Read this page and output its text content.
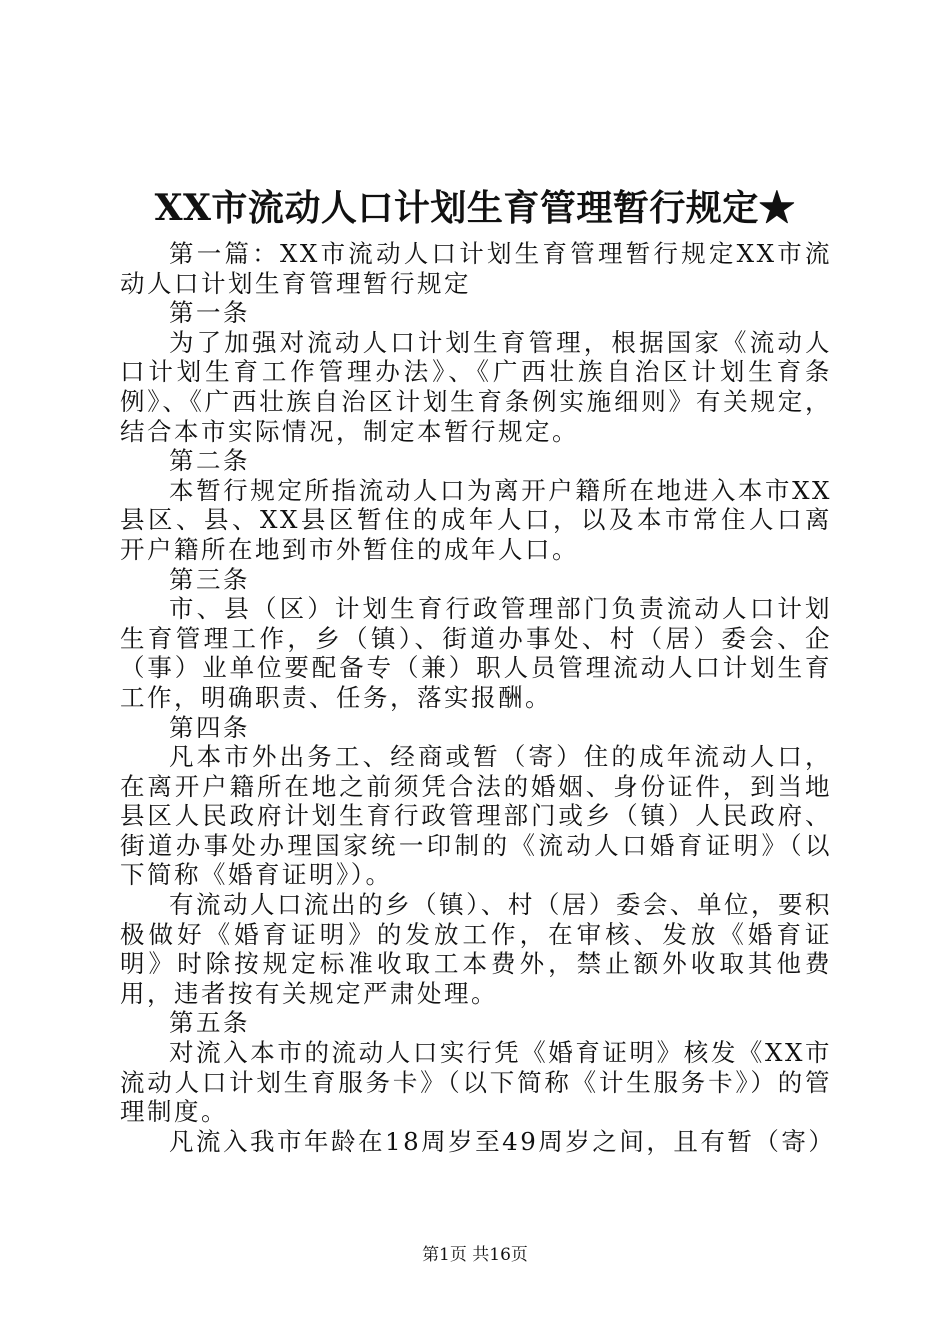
XX市流动人口计划生育管理暂行规定★

第一篇：XX市流动人口计划生育管理暂行规定XX市流动人口计划生育管理暂行规定

第一条

为了加强对流动人口计划生育管理，根据国家《流动人口计划生育工作管理办法》、《广西壮族自治区计划生育条例》、《广西壮族自治区计划生育条例实施细则》有关规定，结合本市实际情况，制定本暂行规定。

第二条

本暂行规定所指流动人口为离开户籍所在地进入本市XX县区、县、XX县区暂住的成年人口，以及本市常住人口离开户籍所在地到市外暂住的成年人口。

第三条

市、县（区）计划生育行政管理部门负责流动人口计划生育管理工作，乡（镇）、街道办事处、村（居）委会、企（事）业单位要配备专（兼）职人员管理流动人口计划生育工作，明确职责、任务，落实报酬。

第四条

凡本市外出务工、经商或暂（寄）住的成年流动人口，在离开户籍所在地之前须凭合法的婚姻、身份证件，到当地县区人民政府计划生育行政管理部门或乡（镇）人民政府、街道办事处办理国家统一印制的《流动人口婚育证明》（以下简称《婚育证明》）。

有流动人口流出的乡（镇）、村（居）委会、单位，要积极做好《婚育证明》的发放工作，在审核、发放《婚育证明》时除按规定标准收取工本费外，禁止额外收取其他费用，违者按有关规定严肃处理。

第五条

对流入本市的流动人口实行凭《婚育证明》核发《XX市流动人口计划生育服务卡》（以下简称《计生服务卡》）的管理制度。

凡流入我市年龄在18周岁至49周岁之间，且有暂（寄）

第1页 共16页
